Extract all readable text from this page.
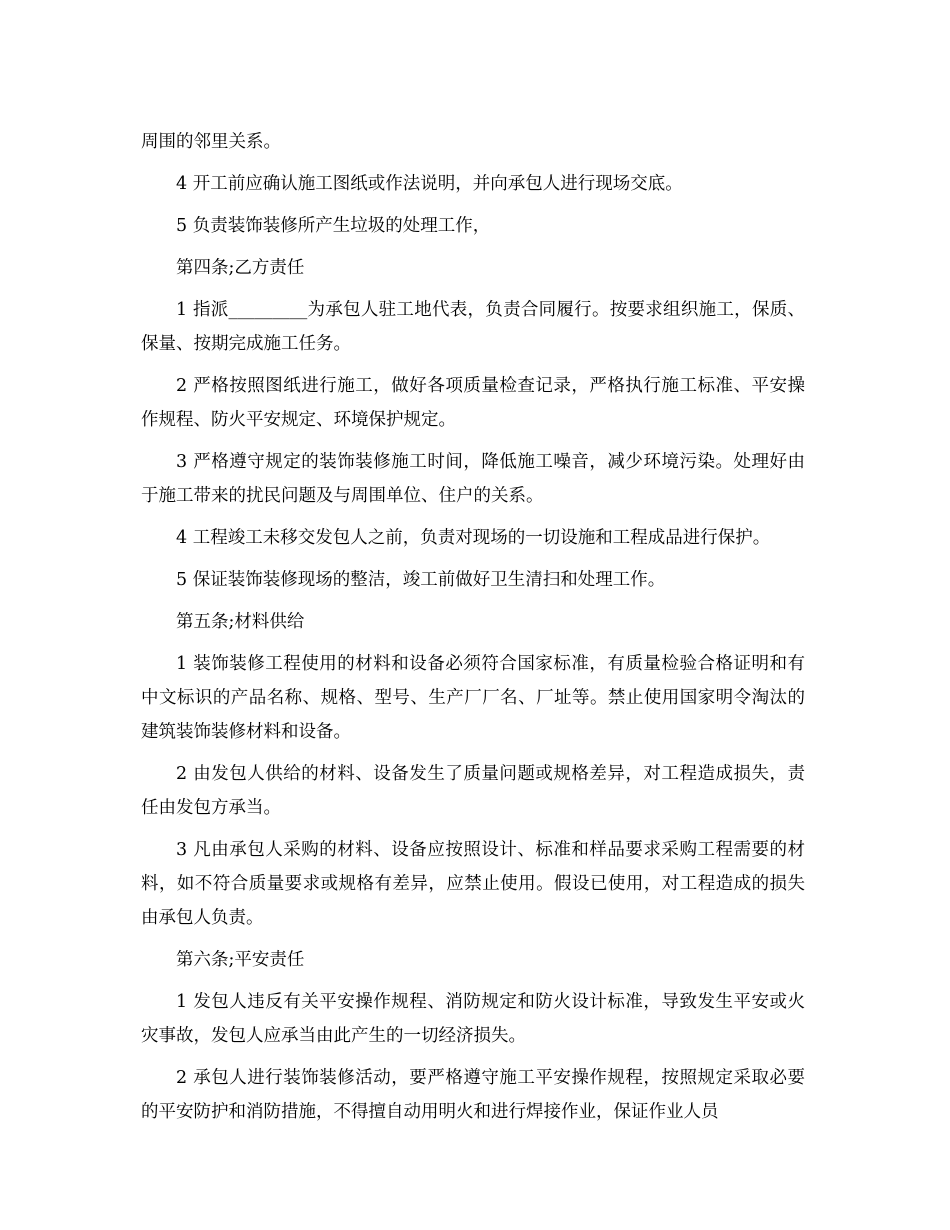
周围的邻里关系。

4 开工前应确认施工图纸或作法说明，并向承包人进行现场交底。

5 负责装饰装修所产生垃圾的处理工作，

第四条;乙方责任

1 指派_________为承包人驻工地代表，负责合同履行。按要求组织施工，保质、保量、按期完成施工任务。

2 严格按照图纸进行施工，做好各项质量检查记录，严格执行施工标准、平安操作规程、防火平安规定、环境保护规定。

3 严格遵守规定的装饰装修施工时间，降低施工噪音，减少环境污染。处理好由于施工带来的扰民问题及与周围单位、住户的关系。

4 工程竣工未移交发包人之前，负责对现场的一切设施和工程成品进行保护。

5 保证装饰装修现场的整洁，竣工前做好卫生清扫和处理工作。

第五条;材料供给

1 装饰装修工程使用的材料和设备必须符合国家标准，有质量检验合格证明和有中文标识的产品名称、规格、型号、生产厂厂名、厂址等。禁止使用国家明令淘汰的建筑装饰装修材料和设备。

2 由发包人供给的材料、设备发生了质量问题或规格差异，对工程造成损失，责任由发包方承当。

3 凡由承包人采购的材料、设备应按照设计、标准和样品要求采购工程需要的材料，如不符合质量要求或规格有差异，应禁止使用。假设已使用，对工程造成的损失由承包人负责。

第六条;平安责任

1 发包人违反有关平安操作规程、消防规定和防火设计标准，导致发生平安或火灾事故，发包人应承当由此产生的一切经济损失。

2 承包人进行装饰装修活动，要严格遵守施工平安操作规程，按照规定采取必要的平安防护和消防措施，不得擅自动用明火和进行焊接作业，保证作业人员
